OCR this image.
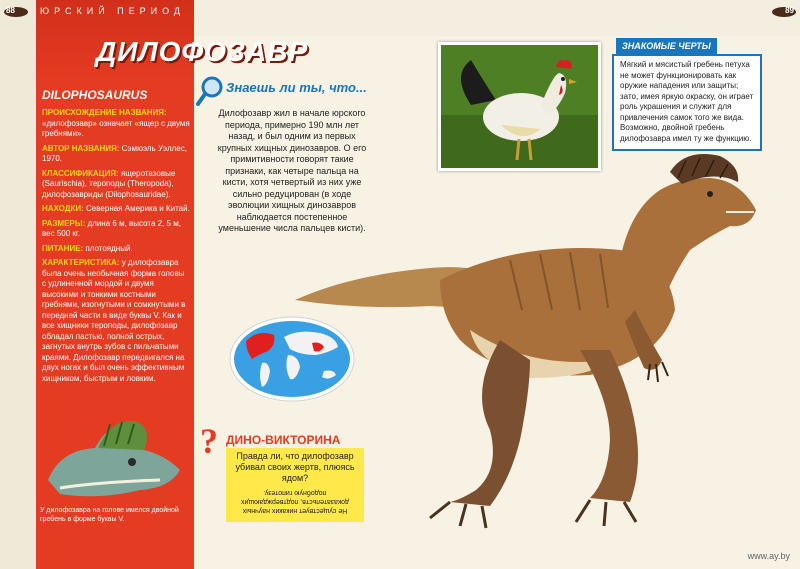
88	ЮРСКИЙ ПЕРИОД	89
ДИЛОФОЗАВР
DILOPHOSAURUS
ПРОИСХОЖДЕНИЕ НАЗВАНИЯ: «дилофозавр» означает «ящер с двумя гребнями».
АВТОР НАЗВАНИЯ: Сэмюэль Уэллес, 1970.
КЛАССИФИКАЦИЯ: ящеротазовые (Saurischia), тероподы (Theropoda), дилофозавриды (Dilophosauridae).
НАХОДКИ: Северная Америка и Китай.
РАЗМЕРЫ: длина 6 м, высота 2, 5 м, вес 500 кг.
ПИТАНИЕ: плотоядный.
ХАРАКТЕРИСТИКА: у дилофозавра была очень необычная форма головы с удлиненной мордой и двумя высокими и тонкими костными гребнями, изогнутыми и сомкнутыми в передней части в виде буквы V. Как и все хищники тероподы, дилофозавр обладал пастью, полной острых, загнутых внутрь зубов с пильчатыми краями. Дилофозавр передвигался на двух ногах и был очень эффективным хищником, быстрым и ловким.
У дилофозавра на голове имелся двойной гребень в форме буквы V.
Знаешь ли ты, что...
Дилофозавр жил в начале юрского периода, примерно 190 млн лет назад, и был одним из первых крупных хищных динозавров. О его примитивности говорят такие признаки, как четыре пальца на кисти, хотя четвертый из них уже сильно редуцирован (в ходе эволюции хищных динозавров наблюдается постепенное уменьшение числа пальцев кисти).
Мягкий и мясистый гребень петуха не может функционировать как оружие нападения или защиты; зато, имея яркую окраску, он играет роль украшения и служит для привлечения самок того же вида. Возможно, двойной гребень дилофозавра имел ту же функцию.
ЗНАКОМЫЕ ЧЕРТЫ
? ДИНО-ВИКТОРИНА
Правда ли, что дилофозавр убивал своих жертв, плюясь ядом?
Не существует никаких научных доказательств, подтверждающих подобную гипотезу.
www.ay.by
